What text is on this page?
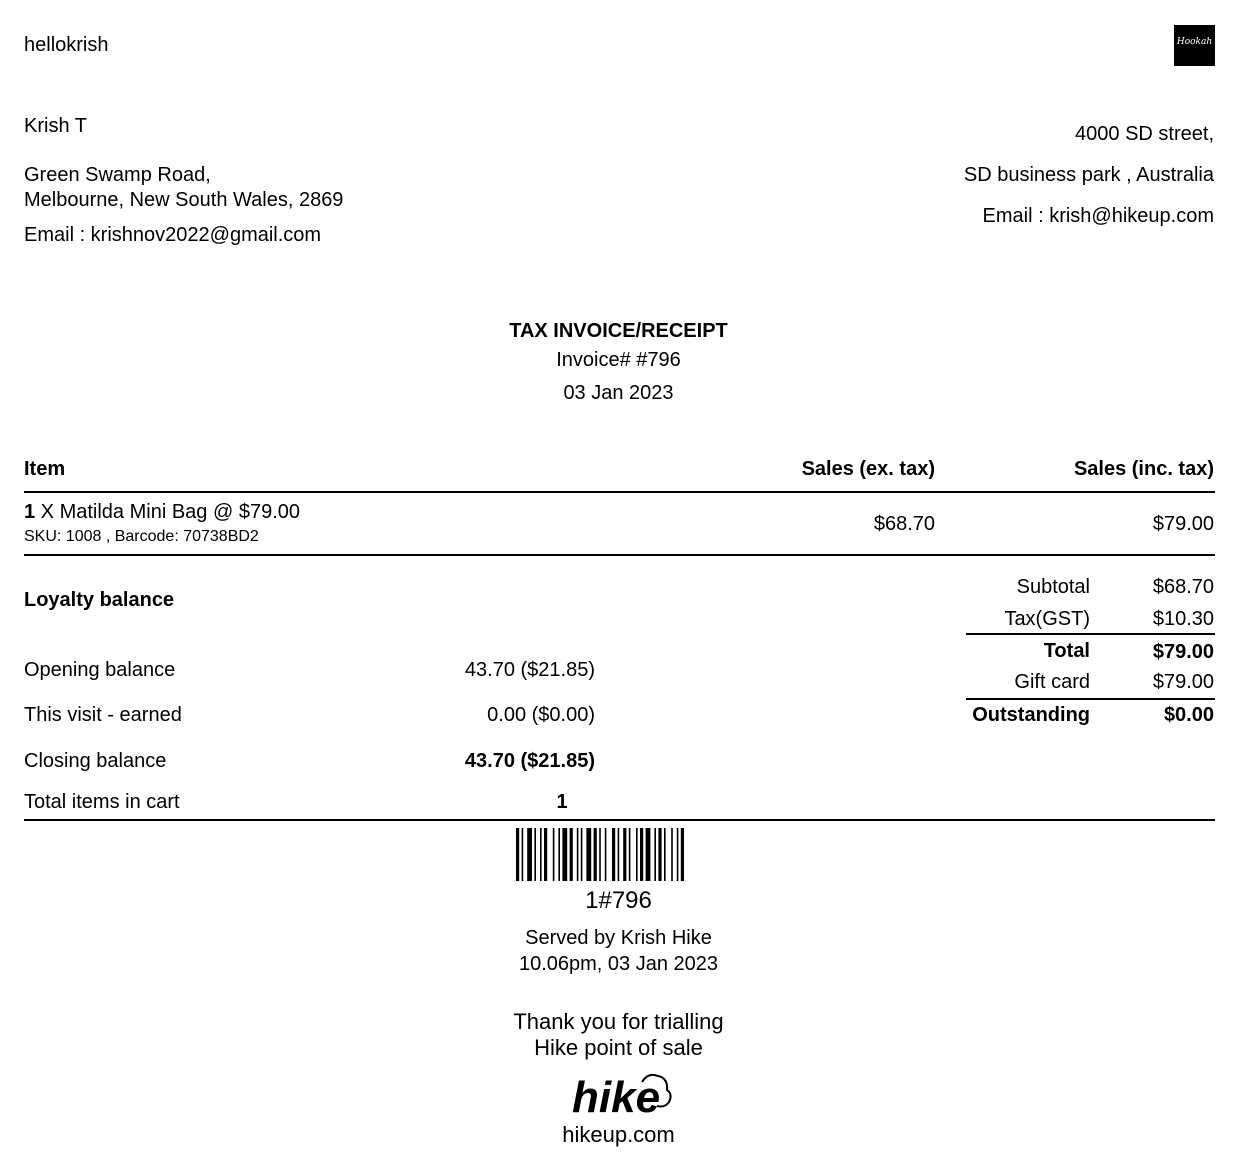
hellokrish	Hookah
Krish T
Green Swamp Road,
Melbourne, New South Wales, 2869
Email : krishnov2022@gmail.com
4000 SD street,
SD business park , Australia
Email : krish@hikeup.com
TAX INVOICE/RECEIPT
Invoice# #796
03 Jan 2023
Item	Sales (ex. tax)	Sales (inc. tax)
1 X Matilda Mini Bag @ $79.00
SKU: 1008 , Barcode: 70738BD2
$68.70	$79.00
Subtotal	$68.70
Tax(GST)	$10.30
Total	$79.00
Gift card	$79.00
Outstanding	$0.00
Loyalty balance
Opening balance	43.70 ($21.85)
This visit - earned	0.00 ($0.00)
Closing balance	43.70 ($21.85)
Total items in cart	1
1#796
Served by Krish Hike
10.06pm, 03 Jan 2023
Thank you for trialling
Hike point of sale
hike
hikeup.com
